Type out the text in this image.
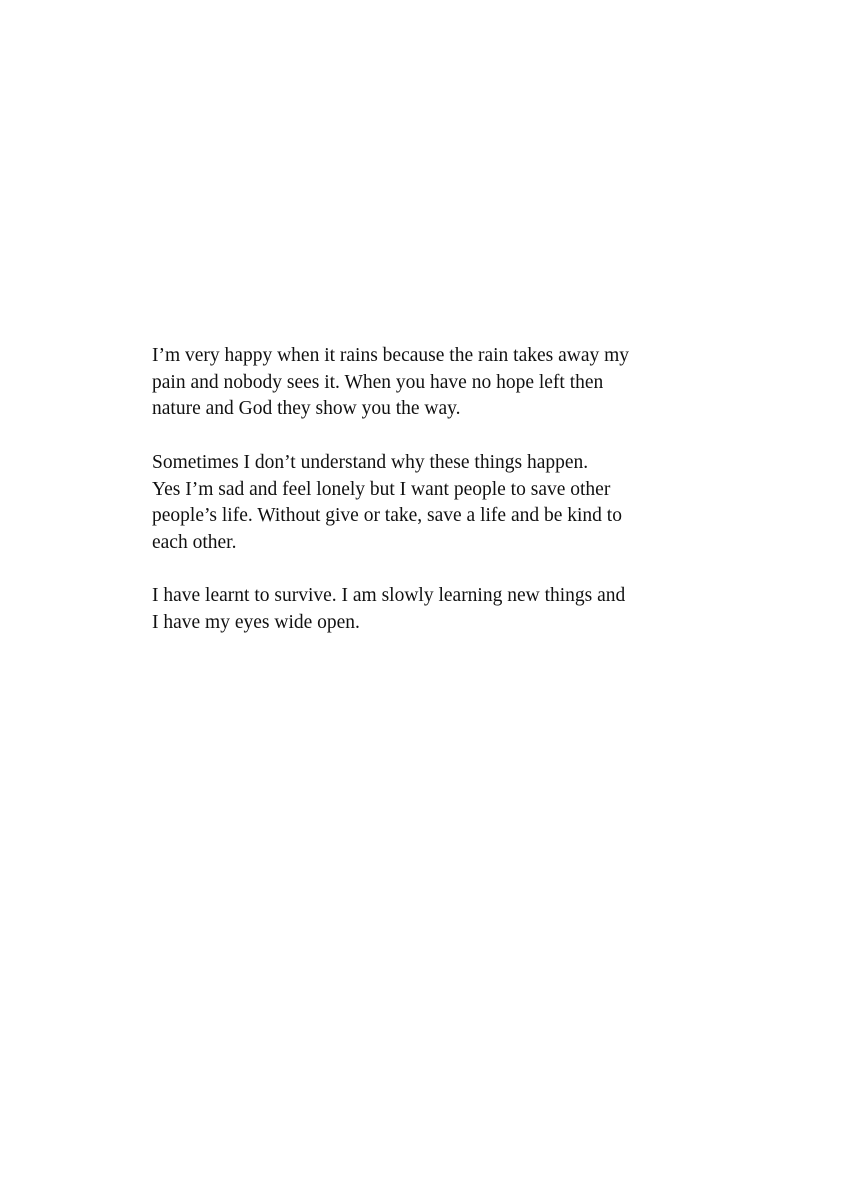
I’m very happy when it rains because the rain takes away my
pain and nobody sees it. When you have no hope left then
nature and God they show you the way.

Sometimes I don’t understand why these things happen.
Yes I’m sad and feel lonely but I want people to save other
people’s life. Without give or take, save a life and be kind to
each other.

I have learnt to survive. I am slowly learning new things and
I have my eyes wide open.
